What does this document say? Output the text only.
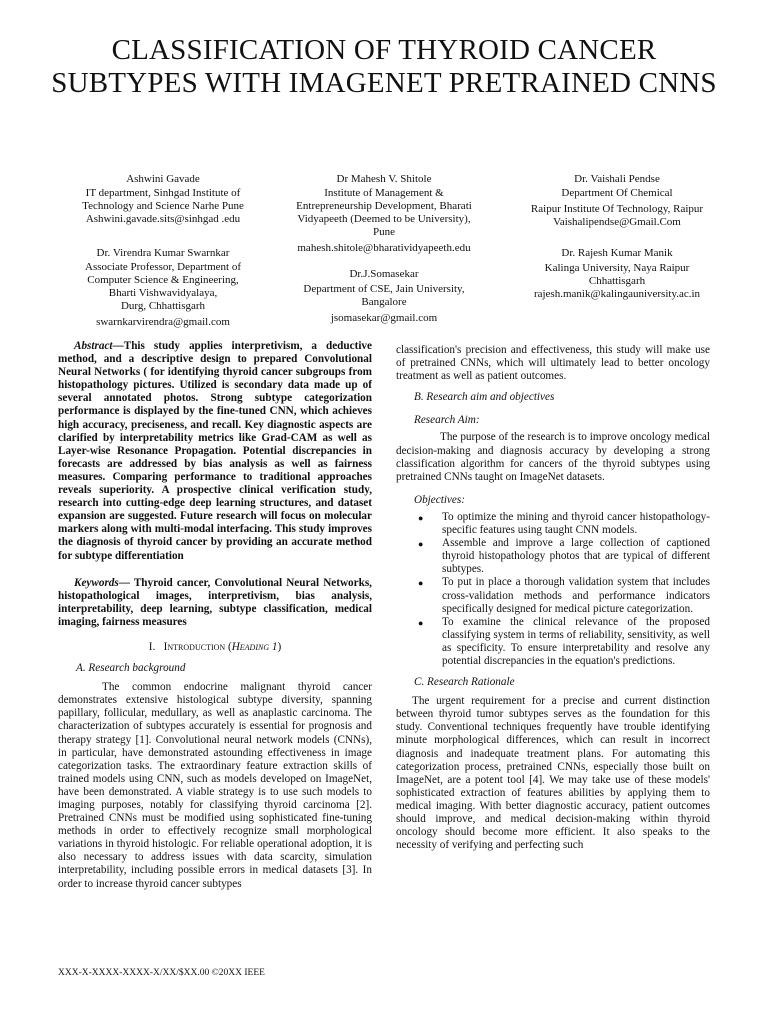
CLASSIFICATION OF THYROID CANCER SUBTYPES WITH IMAGENET PRETRAINED CNNS
Ashwini Gavade
IT department, Sinhgad Institute of
Technology and Science Narhe Pune
Ashwini.gavade.sits@sinhgad .edu
Dr Mahesh V. Shitole
Institute of Management &
Entrepreneurship Development, Bharati
Vidyapeeth (Deemed to be University),
Pune
mahesh.shitole@bharatividyapeeth.edu
Dr. Vaishali Pendse
Department Of Chemical
Raipur Institute Of Technology, Raipur
Vaishalipendse@Gmail.Com
Dr. Virendra Kumar Swarnkar
Associate Professor, Department of
Computer Science & Engineering,
Bharti Vishwavidyalaya,
Durg, Chhattisgarh
swarnkarvirendra@gmail.com
Dr.J.Somasekar
Department of CSE, Jain University,
Bangalore
jsomasekar@gmail.com
Dr. Rajesh Kumar Manik
Kalinga University, Naya Raipur
Chhattisgarh
rajesh.manik@kalingauniversity.ac.in

Abstract—This study applies interpretivism, a deductive method, and a descriptive design to prepared Convolutional Neural Networks ( for identifying thyroid cancer subgroups from histopathology pictures. Utilized is secondary data made up of several annotated photos. Strong subtype categorization performance is displayed by the fine-tuned CNN, which achieves high accuracy, preciseness, and recall. Key diagnostic aspects are clarified by interpretability metrics like Grad-CAM as well as Layer-wise Resonance Propagation. Potential discrepancies in forecasts are addressed by bias analysis as well as fairness measures. Comparing performance to traditional approaches reveals superiority. A prospective clinical verification study, research into cutting-edge deep learning structures, and dataset expansion are suggested. Future research will focus on molecular markers along with multi-modal interfacing. This study improves the diagnosis of thyroid cancer by providing an accurate method for subtype differentiation

Keywords— Thyroid cancer, Convolutional Neural Networks, histopathological images, interpretivism, bias analysis, interpretability, deep learning, subtype classification, medical imaging, fairness measures

I. Introduction (Heading 1)
A. Research background

The common endocrine malignant thyroid cancer demonstrates extensive histological subtype diversity, spanning papillary, follicular, medullary, as well as anaplastic carcinoma. The characterization of subtypes accurately is essential for prognosis and therapy strategy [1]. Convolutional neural network models (CNNs), in particular, have demonstrated astounding effectiveness in image categorization tasks. The extraordinary feature extraction skills of trained models using CNN, such as models developed on ImageNet, have been demonstrated. A viable strategy is to use such models to imaging purposes, notably for classifying thyroid carcinoma [2]. Pretrained CNNs must be modified using sophisticated fine-tuning methods in order to effectively recognize small morphological variations in thyroid histologic. For reliable operational adoption, it is also necessary to address issues with data scarcity, simulation interpretability, including possible errors in medical datasets [3]. In order to increase thyroid cancer subtypes

classification's precision and effectiveness, this study will make use of pretrained CNNs, which will ultimately lead to better oncology treatment as well as patient outcomes.

B. Research aim and objectives
Research Aim:

The purpose of the research is to improve oncology medical decision-making and diagnosis accuracy by developing a strong classification algorithm for cancers of the thyroid subtypes using pretrained CNNs taught on ImageNet datasets.

Objectives:
● To optimize the mining and thyroid cancer histopathology-specific features using taught CNN models.
● Assemble and improve a large collection of captioned thyroid histopathology photos that are typical of different subtypes.
● To put in place a thorough validation system that includes cross-validation methods and performance indicators specifically designed for medical picture categorization.
● To examine the clinical relevance of the proposed classifying system in terms of reliability, sensitivity, as well as specificity. To ensure interpretability and resolve any potential discrepancies in the equation's predictions.
C. Research Rationale

The urgent requirement for a precise and current distinction between thyroid tumor subtypes serves as the foundation for this study. Conventional techniques frequently have trouble identifying minute morphological differences, which can result in incorrect diagnosis and inadequate treatment plans. For automating this categorization process, pretrained CNNs, especially those built on ImageNet, are a potent tool [4]. We may take use of these models' sophisticated extraction of features abilities by applying them to medical imaging. With better diagnostic accuracy, patient outcomes should improve, and medical decision-making within thyroid oncology should become more efficient. It also speaks to the necessity of verifying and perfecting such

XXX-X-XXXX-XXXX-X/XX/$XX.00 ©20XX IEEE
